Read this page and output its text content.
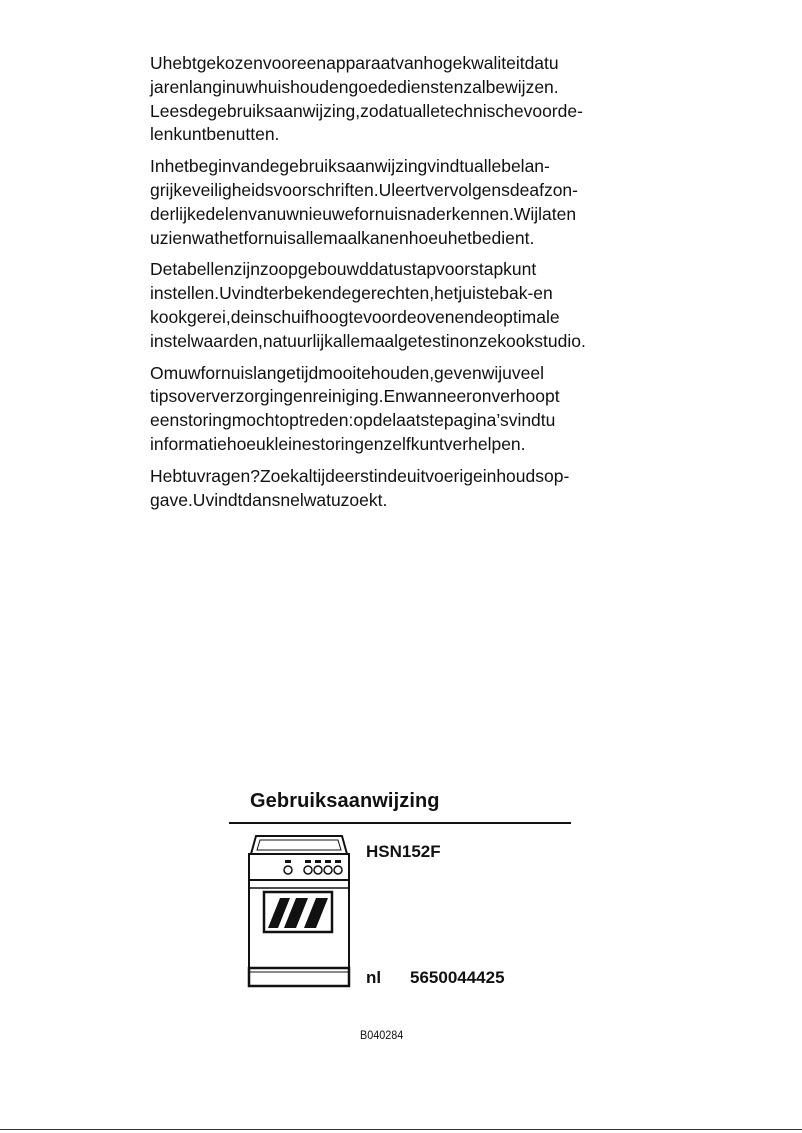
Uhebtgekozenvooreenapparaatvanhogekwaliteitdatu
jarenlanginuwhuishoudengoededienstenzalbewijzen.
Leesdegebruiksaanwijzing,zodatualletechnischevoorde-
lenkuntbenutten.

Inhetbeginvandegebruiksaanwijzingvindtuallebelan-
grijkeveiligheidsvoorschriften.Uleertvervolgensdeafzon-
derlijkedelenvanuwnieuwefornuisnaderkennen.Wijlaten
uzienwathetfornuisallemaalkanenhoeuhetbedient.

Detabellenzijnzoopgebouwddatustapvoorstapkunt
instellen.Uvindterbekendegerechten,hetjuistebak-en
kookgerei,deinschuifhoogtevoordeovenendeoptimale
instelwaarden,natuurlijkallemaalgetestinonzekookstudio.

Omuwfornuislangetijdmooitehouden,gevenwijuveel
tipsoververzorgingenreiniging.Enwanneeronverhoopt
eenstoringmochtoptreden:opdelaatstepagina’svindtu
informatiehoeukleinestoringenzelfkuntverhelpen.

Hebtuvragen?Zoekaltijdeerstindeuitvoerigeinhoudsop-
gave.Uvindtdansnelwatuzoekt.

Gebruiksaanwijzing
HSN152F
nl 5650044425
B040284
